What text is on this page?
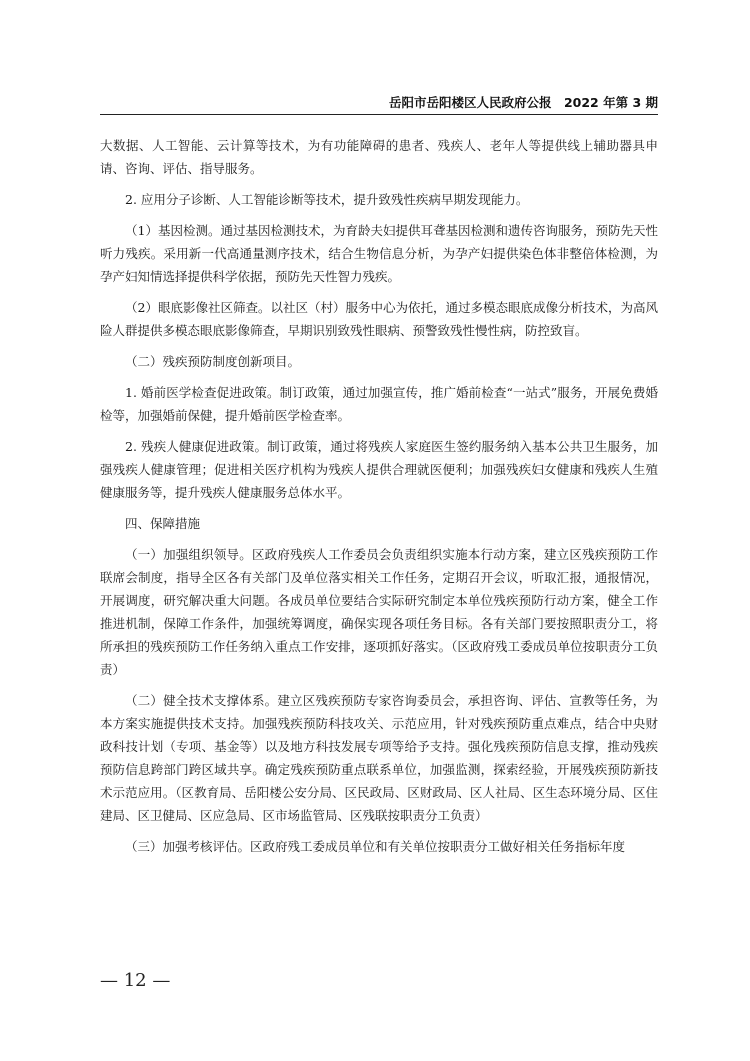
岳阳市岳阳楼区人民政府公报　2022 年第 3 期

大数据、人工智能、云计算等技术，为有功能障碍的患者、残疾人、老年人等提供线上辅助器具申请、咨询、评估、指导服务。

2. 应用分子诊断、人工智能诊断等技术，提升致残性疾病早期发现能力。

（1）基因检测。通过基因检测技术，为育龄夫妇提供耳聋基因检测和遗传咨询服务，预防先天性听力残疾。采用新一代高通量测序技术，结合生物信息分析，为孕产妇提供染色体非整倍体检测，为孕产妇知情选择提供科学依据，预防先天性智力残疾。

（2）眼底影像社区筛查。以社区（村）服务中心为依托，通过多模态眼底成像分析技术，为高风险人群提供多模态眼底影像筛查，早期识别致残性眼病、预警致残性慢性病，防控致盲。

（二）残疾预防制度创新项目。

1. 婚前医学检查促进政策。制订政策，通过加强宣传，推广婚前检查“一站式”服务，开展免费婚检等，加强婚前保健，提升婚前医学检查率。

2. 残疾人健康促进政策。制订政策，通过将残疾人家庭医生签约服务纳入基本公共卫生服务，加强残疾人健康管理；促进相关医疗机构为残疾人提供合理就医便利；加强残疾妇女健康和残疾人生殖健康服务等，提升残疾人健康服务总体水平。

四、保障措施

（一）加强组织领导。区政府残疾人工作委员会负责组织实施本行动方案，建立区残疾预防工作联席会制度，指导全区各有关部门及单位落实相关工作任务，定期召开会议，听取汇报，通报情况，开展调度，研究解决重大问题。各成员单位要结合实际研究制定本单位残疾预防行动方案，健全工作推进机制，保障工作条件，加强统筹调度，确保实现各项任务目标。各有关部门要按照职责分工，将所承担的残疾预防工作任务纳入重点工作安排，逐项抓好落实。（区政府残工委成员单位按职责分工负责）

（二）健全技术支撑体系。建立区残疾预防专家咨询委员会，承担咨询、评估、宣教等任务，为本方案实施提供技术支持。加强残疾预防科技攻关、示范应用，针对残疾预防重点难点，结合中央财政科技计划（专项、基金等）以及地方科技发展专项等给予支持。强化残疾预防信息支撑，推动残疾预防信息跨部门跨区域共享。确定残疾预防重点联系单位，加强监测，探索经验，开展残疾预防新技术示范应用。（区教育局、岳阳楼公安分局、区民政局、区财政局、区人社局、区生态环境分局、区住建局、区卫健局、区应急局、区市场监管局、区残联按职责分工负责）

（三）加强考核评估。区政府残工委成员单位和有关单位按职责分工做好相关任务指标年度

— 12 —
